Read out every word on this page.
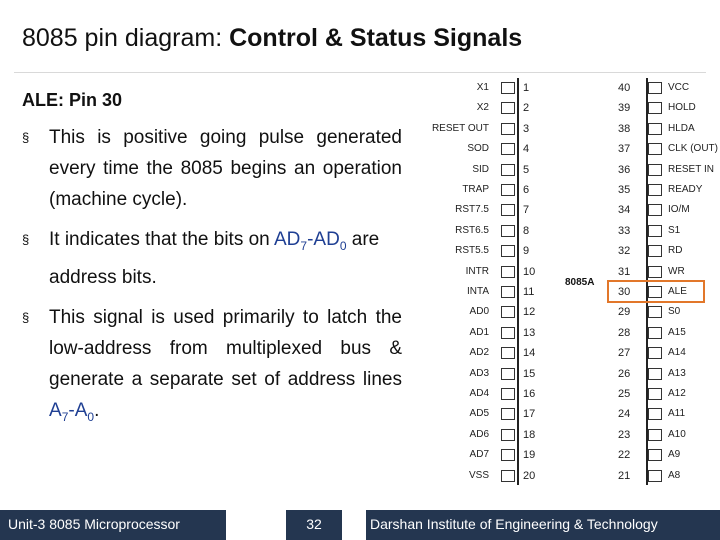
8085 pin diagram: Control & Status Signals
ALE: Pin 30
§ This is positive going pulse generated every time the 8085 begins an operation (machine cycle).
§ It indicates that the bits on $AD_7-AD_0$ are address bits.
§ This signal is used primarily to latch the low-address from multiplexed bus & generate a separate set of address lines $A_7-A_0$.
8085A
X1	1	40	VCC
X2	2	39	HOLD
RESET OUT	3	38	HLDA
SOD	4	37	CLK (OUT)
SID	5	36	RESET IN
TRAP	6	35	READY
RST7.5	7	34	IO/M
RST6.5	8	33	S1
RST5.5	9	32	RD
INTR	10	31	WR
INTA	11	30	ALE
AD0	12	29	S0
AD1	13	28	A15
AD2	14	27	A14
AD3	15	26	A13
AD4	16	25	A12
AD5	17	24	A11
AD6	18	23	A10
AD7	19	22	A9
VSS	20	21	A8
Unit-3 8085 Microprocessor	32	Darshan Institute of Engineering & Technology
